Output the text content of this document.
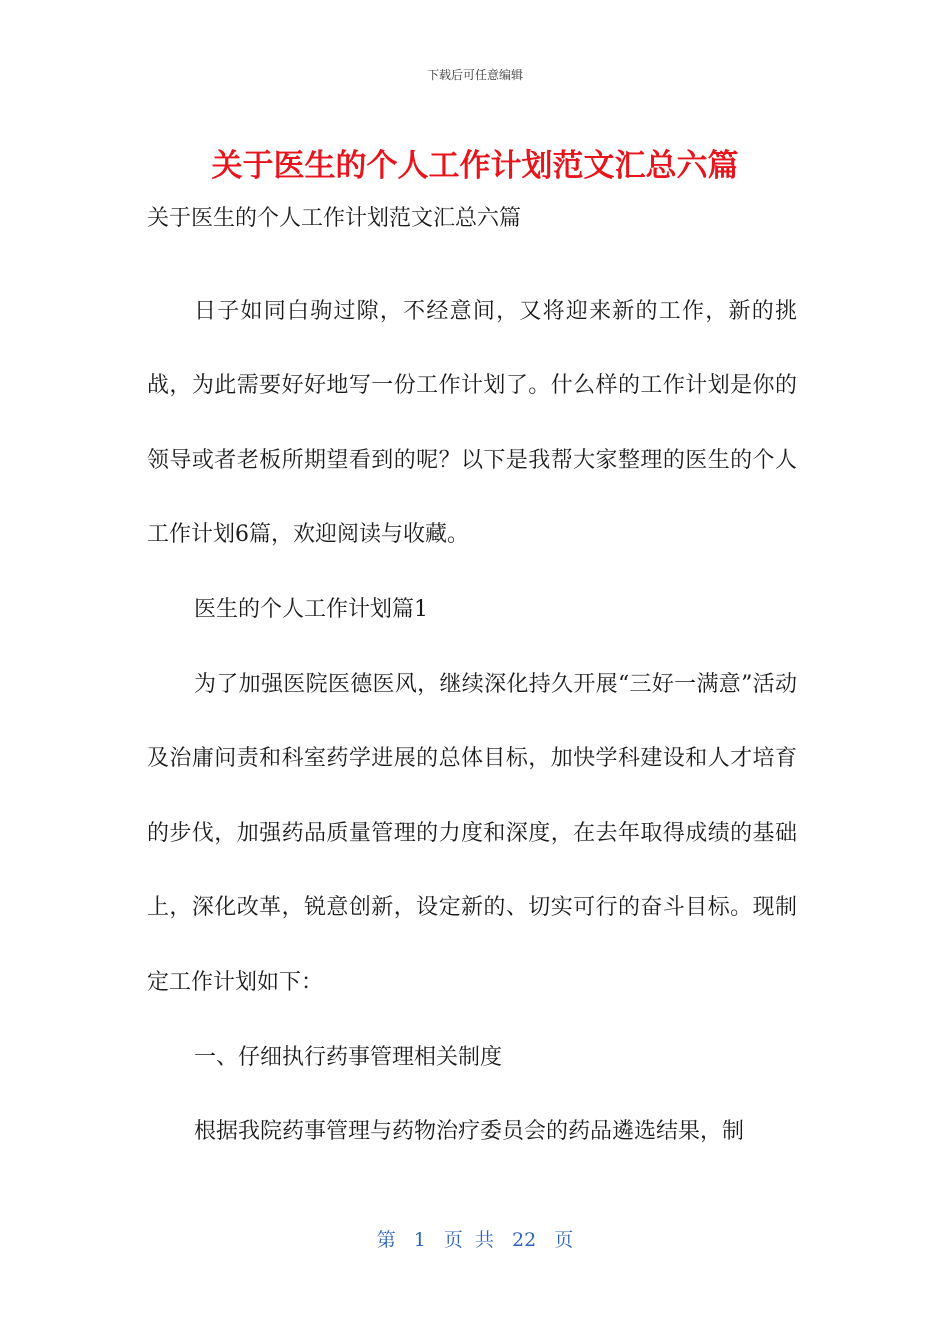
下载后可任意编辑
关于医生的个人工作计划范文汇总六篇

关于医生的个人工作计划范文汇总六篇

日子如同白驹过隙，不经意间，又将迎来新的工作，新的挑战，为此需要好好地写一份工作计划了。什么样的工作计划是你的领导或者老板所期望看到的呢？以下是我帮大家整理的医生的个人工作计划6篇，欢迎阅读与收藏。

医生的个人工作计划篇1

为了加强医院医德医风，继续深化持久开展“三好一满意”活动及治庸问责和科室药学进展的总体目标，加快学科建设和人才培育的步伐，加强药品质量管理的力度和深度，在去年取得成绩的基础上，深化改革，锐意创新，设定新的、切实可行的奋斗目标。现制定工作计划如下：

一、仔细执行药事管理相关制度

根据我院药事管理与药物治疗委员会的药品遴选结果，制

第 1 页 共 22 页
